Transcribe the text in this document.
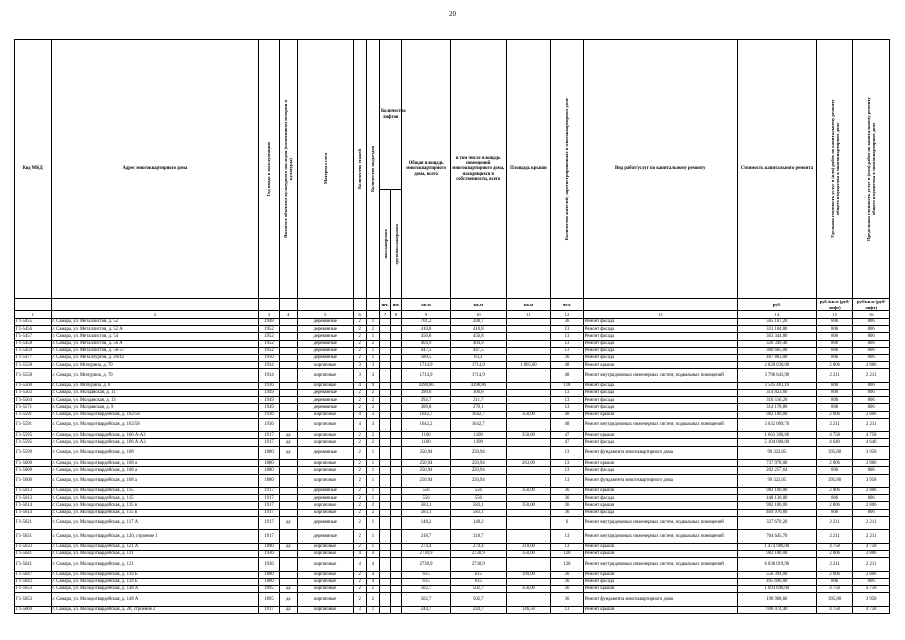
20
Код МКД	Адрес многоквартирного дома	Год ввода в эксплуатацию	Является объектом культурного наследия (памятником истории и культуры)	Материал стен	Количество этажей	Количество подъездов	Количество лифтов		Общая площадь многоквартирного дома, всего	в том числе площадь помещений многоквартирного дома, находящихся в собственности, всего	Площадь крыши	Количество жителей, зарегистрированных в многоквартирном доме	Вид работ/услуг по капитальному ремонту	Стоимость капитального ремонта	Удельная стоимость услуг и (или) работ по капитальному ремонту общего имущества в многоквартирном доме	Предельная стоимость услуг и (или) работ по капитальному ремонту общего имущества в многоквартирном доме

							пассажирских	грузопассажирских								

							шт.	шт.	кв.м	кв.м	кв.м	чел.		руб.	руб./кв.м (руб/лифт)	руб/кв.м (руб/лифт)
1	2	3	4	5	6		7	8	9	10	11	12	13	14	15	16
Г1-5455	г. Самара, ул. Металлистов, д. 52	1948		деревянные	2	1			701,2	208,7		36	Ремонт фасада	565 167,20	806	806
Г1-5456	г. Самара, ул. Металлистов, д. 52 А	1952		деревянные	2	2			410,8	410,8		13	Ремонт фасада	331 104,80	806	806
Г1-5457	г. Самара, ул. Металлистов, д. 54	1952		деревянные	2	1			450,8	450,8		13	Ремонт фасада	363 344,80	806	806
Г1-5458	г. Самара, ул. Металлистов, д. 56 А	1952		деревянные	2	2			404,9	404,9		13	Ремонт фасада	326 349,40	806	806
Г1-5459	г. Самара, ул. Металлистов, д. 56-57	1952		деревянные	2	1			447,5	447,5		13	Ремонт фасада	360 685,00	806	806
Г1-5477	г. Самара, ул. Металлургов, д. 20/42	1950		деревянные	2	1			580,5	63,3		36	Ремонт фасада	467 883,00	806	806
Г1-5558	г. Самара, ул. Мичурина, д. 70	1934		кирпичные	3	3			1714,9	1714,9	1 005,00	48	Ремонт крыши	2 820 030,00	2 806	2 806
Г1-5558	г. Самара, ул. Мичурина, д. 70	1934		кирпичные	3	3			1714,9	1714,9		48	Ремонт внутридомовых инженерных систем, подвальных помещений	3 798 643,90	2 211	2 211
Г1-5560	г. Самара, ул. Мичурина, д. 8	1936		кирпичные	4	9			4398,86	4398,86		118	Ремонт фасада	3 545 481,16	806	806
Г1-5563	г. Самара, ул. Молдавская, д. 11	1949		деревянные	2	2			390,6	306,8		13	Ремонт фасада	314 823,60	806	806
Г1-5564	г. Самара, ул. Молдавская, д. 13	1949		деревянные	2	2			392,7	211,7		13	Ремонт фасада	316 516,20	806	806
Г1-5571	г. Самара, ул. Молдавская, д. 9	1949		деревянные	2	2			389,8	270,1		13	Ремонт фасада	314 178,80	806	806
Г1-5591	г. Самара, ул. Молодогвардейская, д. 102/58	1936		кирпичные	4	3			1642,7	1642,7	350,00	48	Ремонт крыши	982 100,00	2 806	2 806
Г1-5591	г. Самара, ул. Молодогвардейская, д. 102/58	1936		кирпичные	4	3			1642,2	1642,7		48	Ремонт внутридомовых инженерных систем, подвальных помещений	3 632 009,70	2 211	2 211
Г1-5595	г. Самара, ул. Молодогвардейская, д. 106 А-А3	1917	да	кирпичные	2	2			1100	1100	350,00	47	Ремонт крыши	1 663 300,00	4 758	4 758
Г1-5595	г. Самара, ул. Молодогвардейская, д. 106 А-А3	1917	да	кирпичные	2	2			1100	1100		47	Ремонт фасада	5 104 000,00	4 640	4 640
Г1-5599	г. Самара, ул. Молодогвардейская, д. 108	1880	да	деревянные	2	1			250,94	250,94		13	Ремонт фундамента многоквартирного дома	99 322,05	395,80	3 958
Г1-5600	г. Самара, ул. Молодогвардейская, д. 108 а	1880		кирпичные	2	1			250,94	250,94	263,00	13	Ремонт крыши	737 978,00	2 806	2 806
Г1-5600	г. Самара, ул. Молодогвардейская, д. 108 а	1880		кирпичные	2	1			250,94	250,94		13	Ремонт фасада	202 257,64	806	806
Г1-5600	г. Самара, ул. Молодогвардейская, д. 108 а	1880		кирпичные	2	1			250,94	250,94		13	Ремонт фундамента многоквартирного дома	99 322,05	395,80	3 958
Г1-5613	г. Самара, ул. Молодогвардейская, д. 115	1917		деревянные	2	1			556	556	350,00	36	Ремонт крыши	982 100,00	2 806	2 806
Г1-5613	г. Самара, ул. Молодогвардейская, д. 115	1917		деревянные	2	1			556	556		36	Ремонт фасада	448 136,00	806	806
Г1-5614	г. Самара, ул. Молодогвардейская, д. 115 в	1917		кирпичные	2	2			583,1	583,1	350,00	36	Ремонт крыши	982 100,00	2 806	2 806
Г1-5614	г. Самара, ул. Молодогвардейская, д. 115 в	1917		кирпичные	2	2			583,1	583,1		36	Ремонт фасада	469 976,60	806	806
Г1-5621	г. Самара, ул. Молодогвардейская, д. 117 А	1917	да	деревянные	2	1			148,2	148,2		6	Ремонт внутридомовых инженерных систем, подвальных помещений	327 670,20	2 211	2 211
Г1-5631	г. Самара, ул. Молодогвардейская, д. 120, строение 1	1917		деревянные	2	1			318,7	318,7		13	Ремонт внутридомовых инженерных систем, подвальных помещений	704 645,70	2 211	2 211
Г1-5633	г. Самара, ул. Молодогвардейская, д. 121 А	1890	да	кирпичные	2	1			274,4	274,4	310,00	13	Ремонт крыши	1 474 980,00	4 758	4 758
Г1-5641	г. Самара, ул. Молодогвардейская, д. 131	1936		кирпичные	4	4			2730,9	2730,9	350,00	128	Ремонт крыши	982 100,00	2 806	2 806
Г1-5641	г. Самара, ул. Молодогвардейская, д. 131	1936		кирпичные	4	4			2730,9	2730,9		128	Ремонт внутридомовых инженерных систем, подвальных помещений	6 038 019,90	2 211	2 211
Г1-5647	г. Самара, ул. Молодогвардейская, д. 134 Б	1880		кирпичные	2	4			615	615	199,00	36	Ремонт крыши	558 394,00	2 806	2 806
Г1-5642	г. Самара, ул. Молодогвардейская, д. 134 Б	1880		кирпичные	2	4			615	615		36	Ремонт фасада	495 690,00	806	806
Г1-5653	г. Самара, ул. Молодогвардейская, д. 148 А	1895	да	кирпичные	2	2			502,7	502,7	356,00	36	Ремонт крыши	1 693 848,00	4 758	4 758
Г1-5653	г. Самара, ул. Молодогвардейская, д. 148 А	1895	да	кирпичные	2	2			502,7	502,7		36	Ремонт фундамента многоквартирного дома	198 968,66	395,80	3 958
Г1-5669	г. Самара, ул. Молодогвардейская, д. 20, строение 2	1917	да	кирпичные	3	1			244,7	244,7	146,50	13	Ремонт крыши	698 474,40	4 758	4 758
